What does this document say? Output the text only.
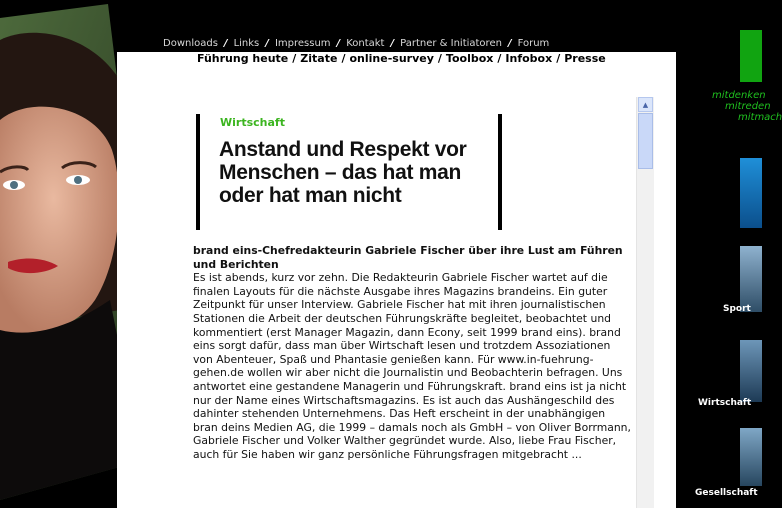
Downloads / Links / Impressum / Kontakt / Partner & Initiatoren / Forum
Führung heute / Zitate / online-survey / Toolbox / Infobox / Presse
Wirtschaft
Anstand und Respekt vor Menschen – das hat man oder hat man nicht

brand eins-Chefredakteurin Gabriele Fischer über ihre Lust am Führen und Berichten

Es ist abends, kurz vor zehn. Die Redakteurin Gabriele Fischer wartet auf die finalen Layouts für die nächste Ausgabe ihres Magazins brandeins. Ein guter Zeitpunkt für unser Interview. Gabriele Fischer hat mit ihren journalistischen Stationen die Arbeit der deutschen Führungskräfte begleitet, beobachtet und kommentiert (erst Manager Magazin, dann Econy, seit 1999 brand eins). brand eins sorgt dafür, dass man über Wirtschaft lesen und trotzdem Assoziationen von Abenteuer, Spaß und Phantasie genießen kann. Für www.in-fuehrung-gehen.de wollen wir aber nicht die Journalistin und Beobachterin befragen. Uns antwortet eine gestandene Managerin und Führungskraft. brand eins ist ja nicht nur der Name eines Wirtschaftsmagazins. Es ist auch das Aushängeschild des dahinter stehenden Unternehmens. Das Heft erscheint in der unabhängigen bran deins Medien AG, die 1999 – damals noch als GmbH – von Oliver Borrmann, Gabriele Fischer und Volker Walther gegründet wurde. Also, liebe Frau Fischer, auch für Sie haben wir ganz persönliche Führungsfragen mitgebracht ...

▲
mitdenken
mitreden
mitmach
Sport
Wirtschaft
Gesellschaft
